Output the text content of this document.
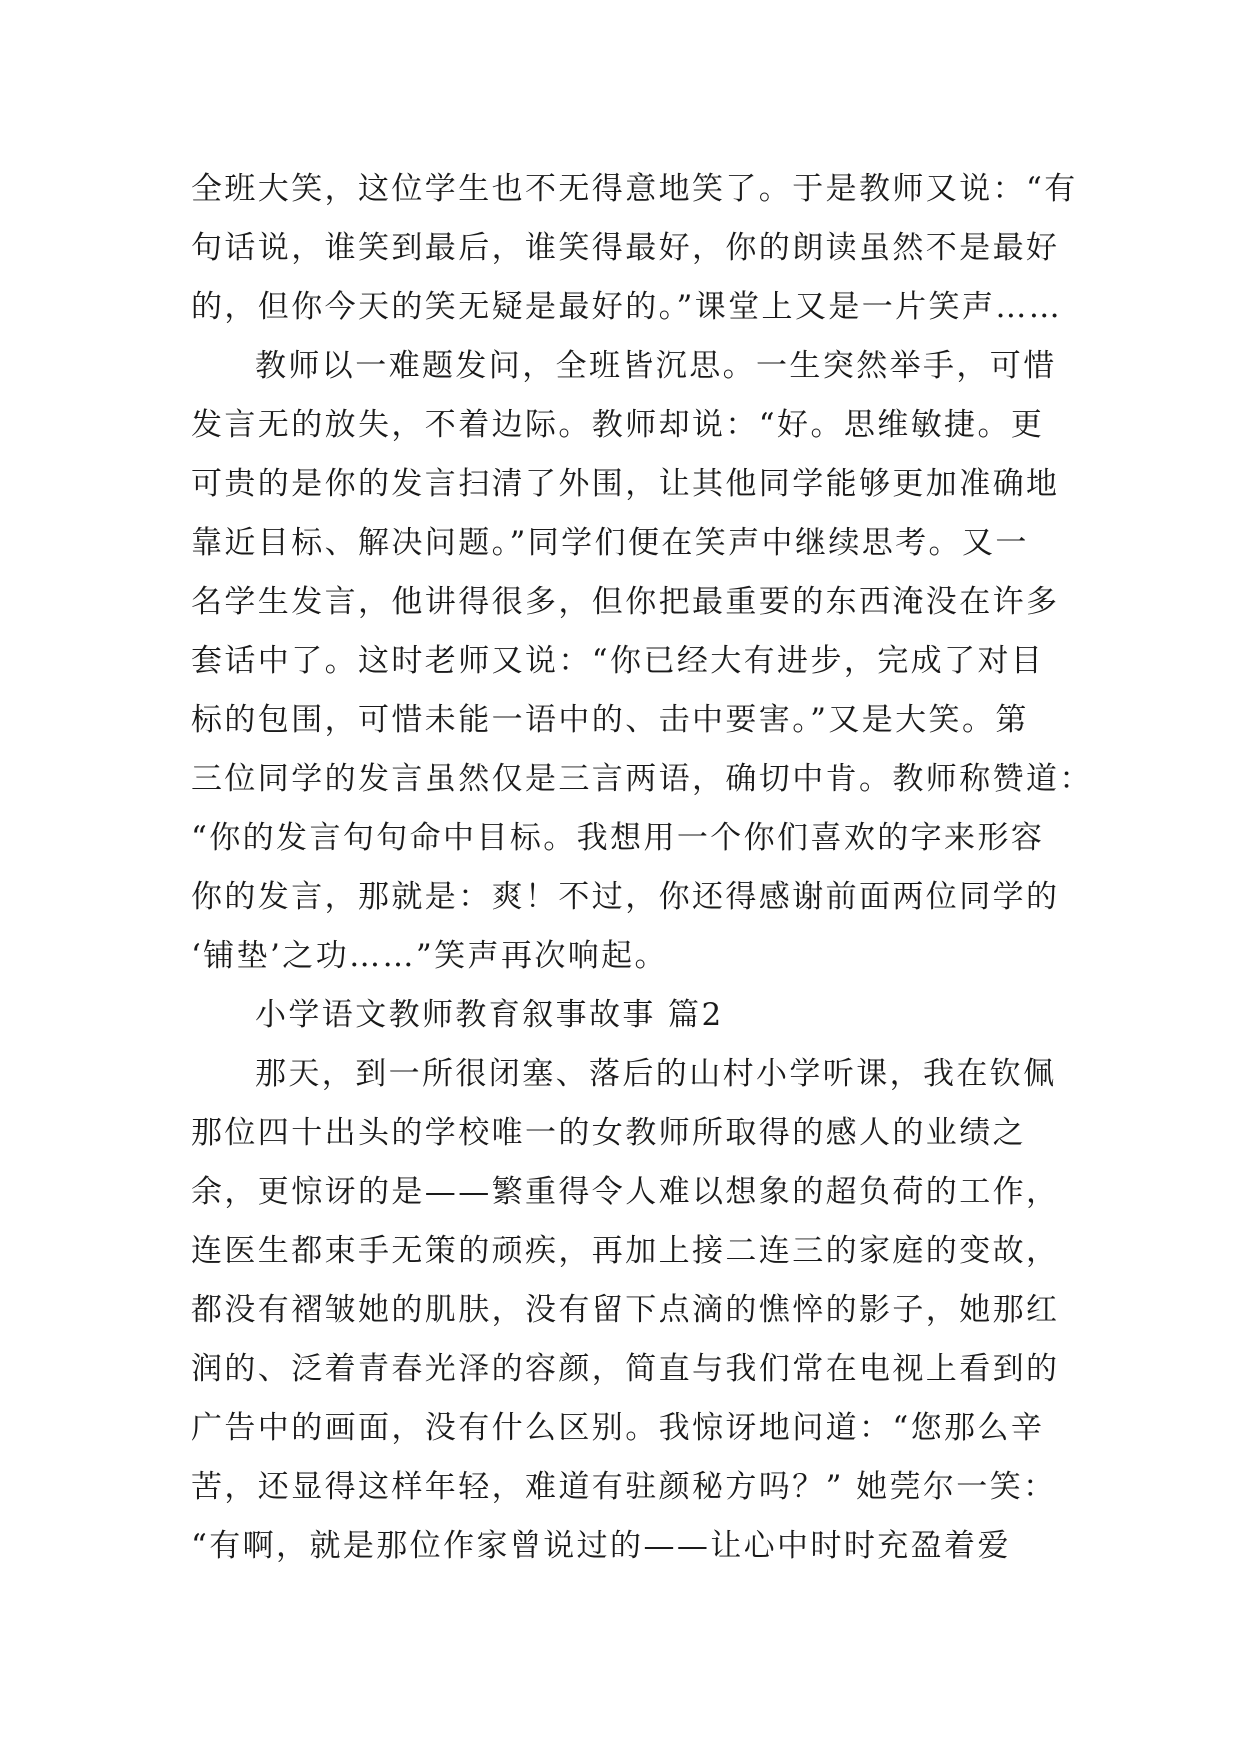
全班大笑，这位学生也不无得意地笑了。于是教师又说：“有
句话说，谁笑到最后，谁笑得最好，你的朗读虽然不是最好
的，但你今天的笑无疑是最好的。”课堂上又是一片笑声……
教师以一难题发问，全班皆沉思。一生突然举手，可惜
发言无的放失，不着边际。教师却说：“好。思维敏捷。更
可贵的是你的发言扫清了外围，让其他同学能够更加准确地
靠近目标、解决问题。”同学们便在笑声中继续思考。又一
名学生发言，他讲得很多，但你把最重要的东西淹没在许多
套话中了。这时老师又说：“你已经大有进步，完成了对目
标的包围，可惜未能一语中的、击中要害。”又是大笑。第
三位同学的发言虽然仅是三言两语，确切中肯。教师称赞道：
“你的发言句句命中目标。我想用一个你们喜欢的字来形容
你的发言，那就是：爽！不过，你还得感谢前面两位同学的
‘铺垫’之功……”笑声再次响起。
小学语文教师教育叙事故事 篇2
那天，到一所很闭塞、落后的山村小学听课，我在钦佩
那位四十出头的学校唯一的女教师所取得的感人的业绩之
余，更惊讶的是——繁重得令人难以想象的超负荷的工作，
连医生都束手无策的顽疾，再加上接二连三的家庭的变故，
都没有褶皱她的肌肤，没有留下点滴的憔悴的影子，她那红
润的、泛着青春光泽的容颜，简直与我们常在电视上看到的
广告中的画面，没有什么区别。我惊讶地问道：“您那么辛
苦，还显得这样年轻，难道有驻颜秘方吗？” 她莞尔一笑：
“有啊，就是那位作家曾说过的——让心中时时充盈着爱
